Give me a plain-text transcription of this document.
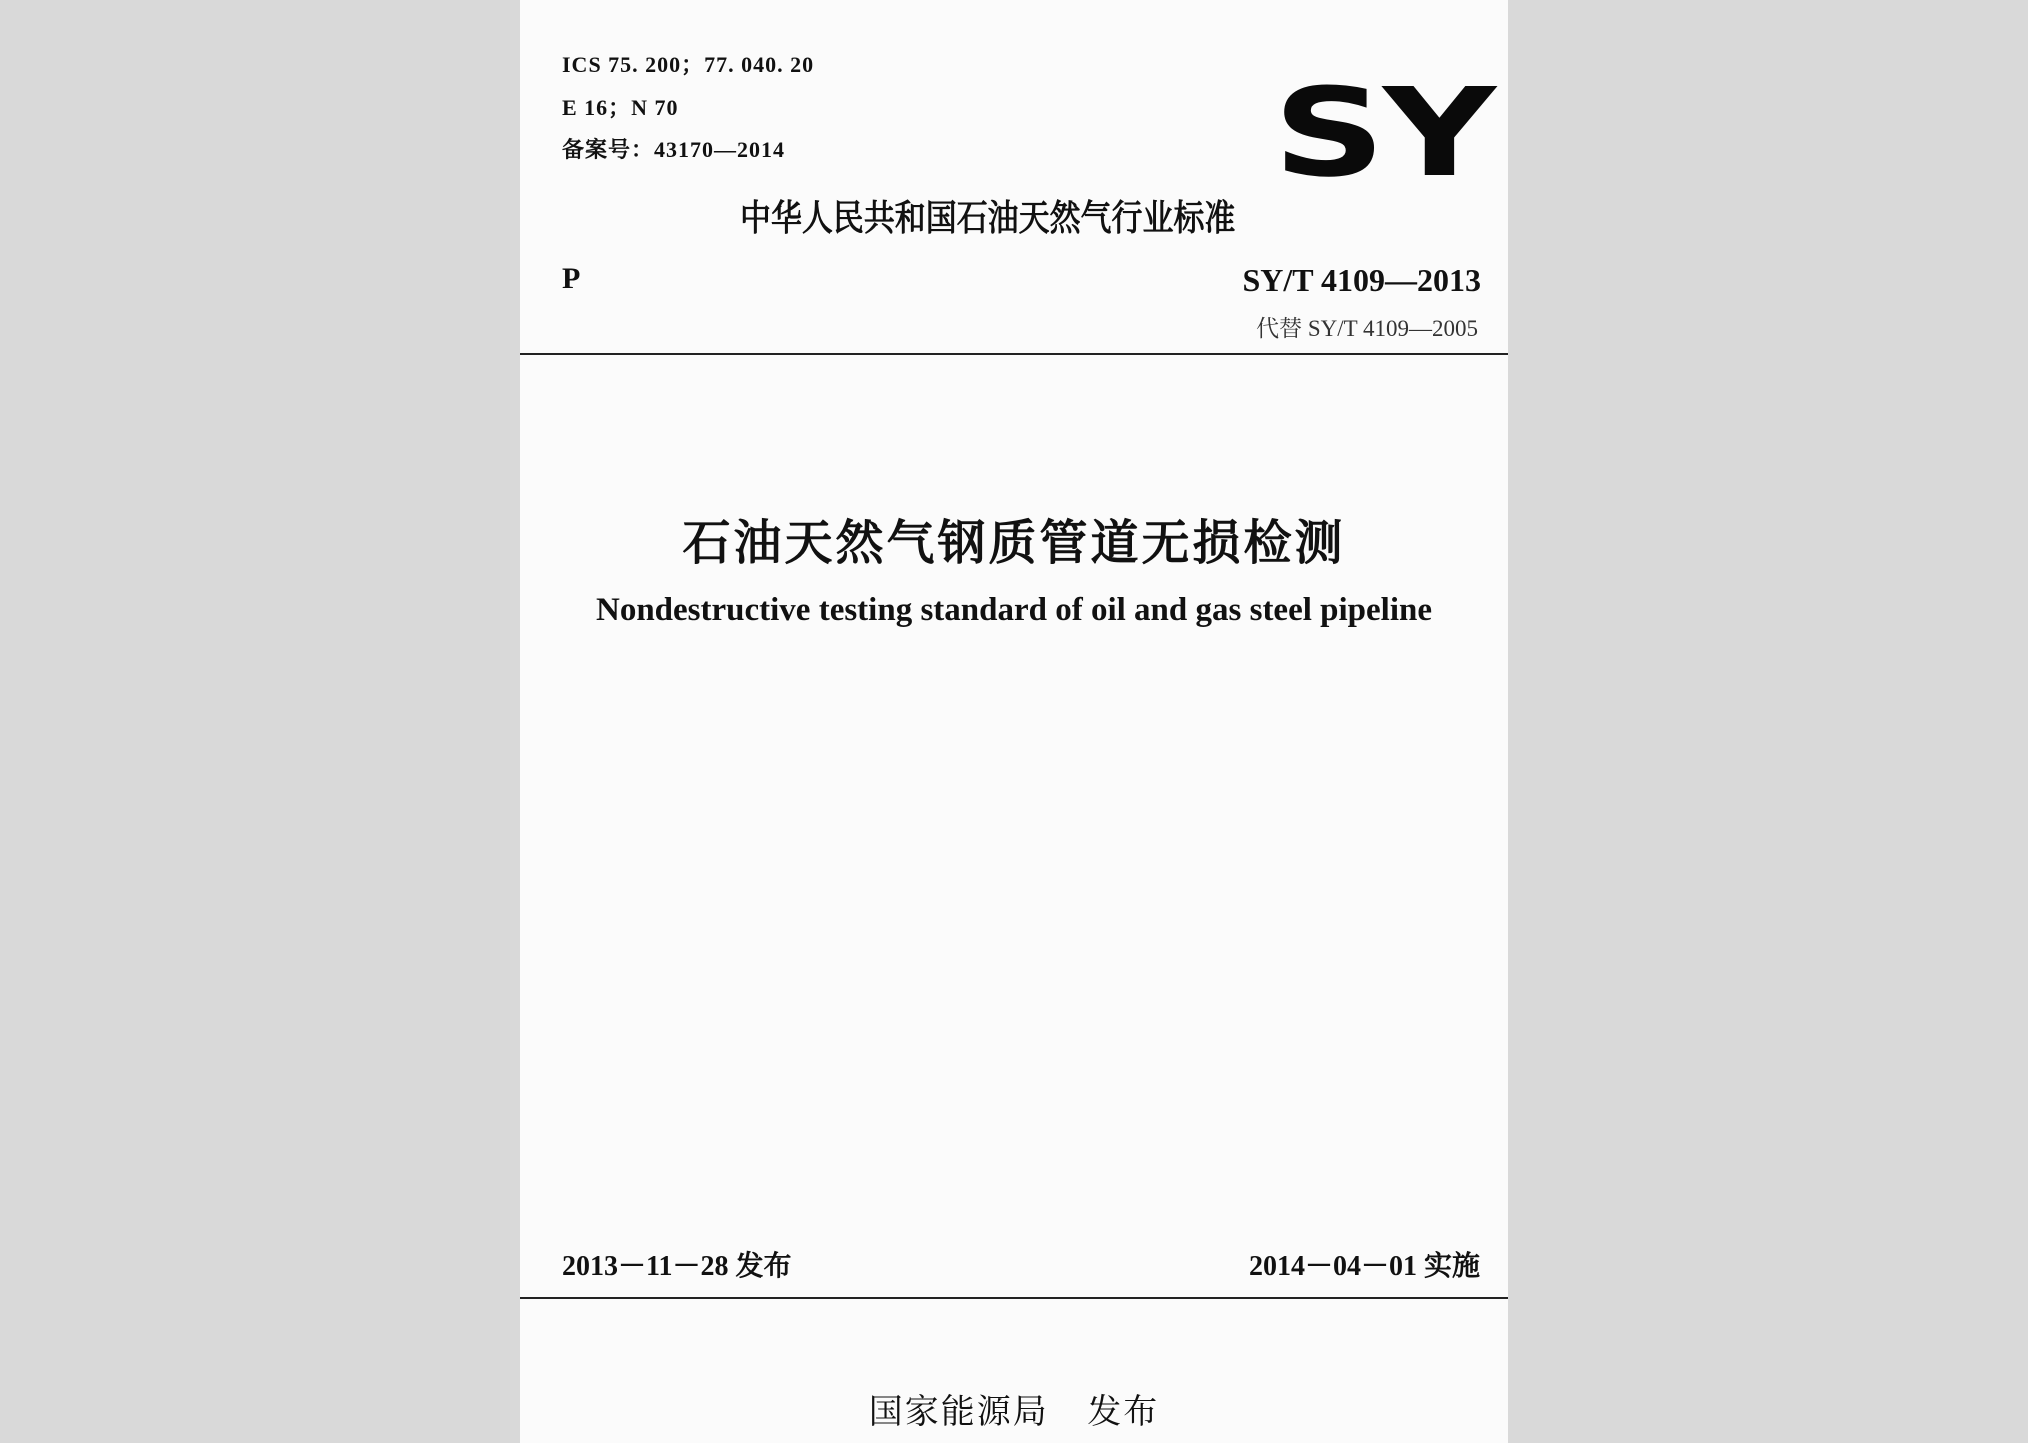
ICS 75. 200；77. 040. 20
E 16；N 70
备案号：43170—2014	SY
中华人民共和国石油天然气行业标准
P	SY/T 4109—2013
代替 SY/T 4109—2005
石油天然气钢质管道无损检测
Nondestructive testing standard of oil and gas steel pipeline
2013－11－28 发布	2014－04－01 实施
国家能源局   发布
